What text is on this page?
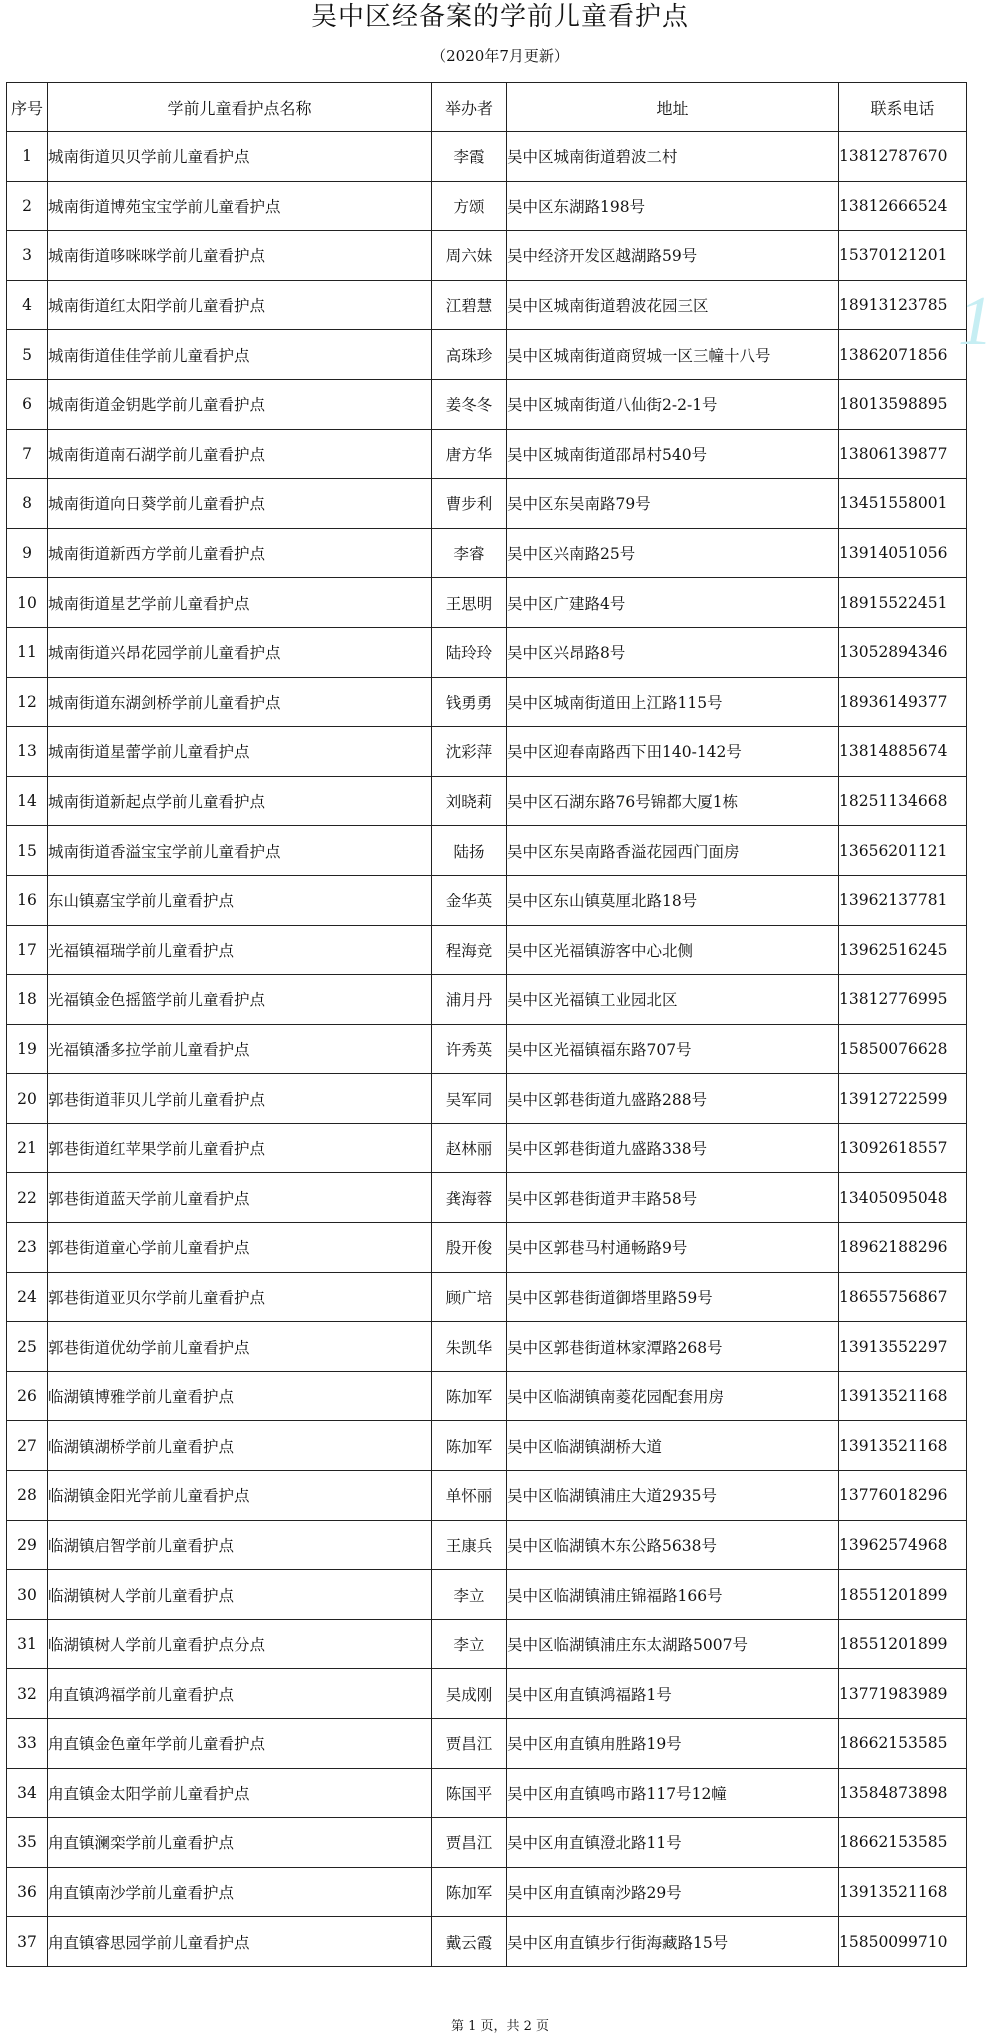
吴中区经备案的学前儿童看护点
（2020年7月更新）
序号	学前儿童看护点名称	举办者	地址	联系电话
1	城南街道贝贝学前儿童看护点	李霞	吴中区城南街道碧波二村	13812787670
2	城南街道博苑宝宝学前儿童看护点	方颂	吴中区东湖路198号	13812666524
3	城南街道哆咪咪学前儿童看护点	周六妹	吴中经济开发区越湖路59号	15370121201
4	城南街道红太阳学前儿童看护点	江碧慧	吴中区城南街道碧波花园三区	18913123785
5	城南街道佳佳学前儿童看护点	高珠珍	吴中区城南街道商贸城一区三幢十八号	13862071856
6	城南街道金钥匙学前儿童看护点	姜冬冬	吴中区城南街道八仙街2-2-1号	18013598895
7	城南街道南石湖学前儿童看护点	唐方华	吴中区城南街道邵昂村540号	13806139877
8	城南街道向日葵学前儿童看护点	曹步利	吴中区东吴南路79号	13451558001
9	城南街道新西方学前儿童看护点	李睿	吴中区兴南路25号	13914051056
10	城南街道星艺学前儿童看护点	王思明	吴中区广建路4号	18915522451
11	城南街道兴昂花园学前儿童看护点	陆玲玲	吴中区兴昂路8号	13052894346
12	城南街道东湖剑桥学前儿童看护点	钱勇勇	吴中区城南街道田上江路115号	18936149377
13	城南街道星蕾学前儿童看护点	沈彩萍	吴中区迎春南路西下田140-142号	13814885674
14	城南街道新起点学前儿童看护点	刘晓莉	吴中区石湖东路76号锦都大厦1栋	18251134668
15	城南街道香溢宝宝学前儿童看护点	陆扬	吴中区东吴南路香溢花园西门面房	13656201121
16	东山镇嘉宝学前儿童看护点	金华英	吴中区东山镇莫厘北路18号	13962137781
17	光福镇福瑞学前儿童看护点	程海竞	吴中区光福镇游客中心北侧	13962516245
18	光福镇金色摇篮学前儿童看护点	浦月丹	吴中区光福镇工业园北区	13812776995
19	光福镇潘多拉学前儿童看护点	许秀英	吴中区光福镇福东路707号	15850076628
20	郭巷街道菲贝儿学前儿童看护点	吴军同	吴中区郭巷街道九盛路288号	13912722599
21	郭巷街道红苹果学前儿童看护点	赵林丽	吴中区郭巷街道九盛路338号	13092618557
22	郭巷街道蓝天学前儿童看护点	龚海蓉	吴中区郭巷街道尹丰路58号	13405095048
23	郭巷街道童心学前儿童看护点	殷开俊	吴中区郭巷马村通畅路9号	18962188296
24	郭巷街道亚贝尔学前儿童看护点	顾广培	吴中区郭巷街道御塔里路59号	18655756867
25	郭巷街道优幼学前儿童看护点	朱凯华	吴中区郭巷街道林家潭路268号	13913552297
26	临湖镇博雅学前儿童看护点	陈加军	吴中区临湖镇南菱花园配套用房	13913521168
27	临湖镇湖桥学前儿童看护点	陈加军	吴中区临湖镇湖桥大道	13913521168
28	临湖镇金阳光学前儿童看护点	单怀丽	吴中区临湖镇浦庄大道2935号	13776018296
29	临湖镇启智学前儿童看护点	王康兵	吴中区临湖镇木东公路5638号	13962574968
30	临湖镇树人学前儿童看护点	李立	吴中区临湖镇浦庄锦福路166号	18551201899
31	临湖镇树人学前儿童看护点分点	李立	吴中区临湖镇浦庄东太湖路5007号	18551201899
32	甪直镇鸿福学前儿童看护点	吴成刚	吴中区甪直镇鸿福路1号	13771983989
33	甪直镇金色童年学前儿童看护点	贾昌江	吴中区甪直镇甪胜路19号	18662153585
34	甪直镇金太阳学前儿童看护点	陈国平	吴中区甪直镇鸣市路117号12幢	13584873898
35	甪直镇澜栾学前儿童看护点	贾昌江	吴中区甪直镇澄北路11号	18662153585
36	甪直镇南沙学前儿童看护点	陈加军	吴中区甪直镇南沙路29号	13913521168
37	甪直镇睿思园学前儿童看护点	戴云霞	吴中区甪直镇步行街海藏路15号	15850099710
1
第 1 页，共 2 页
